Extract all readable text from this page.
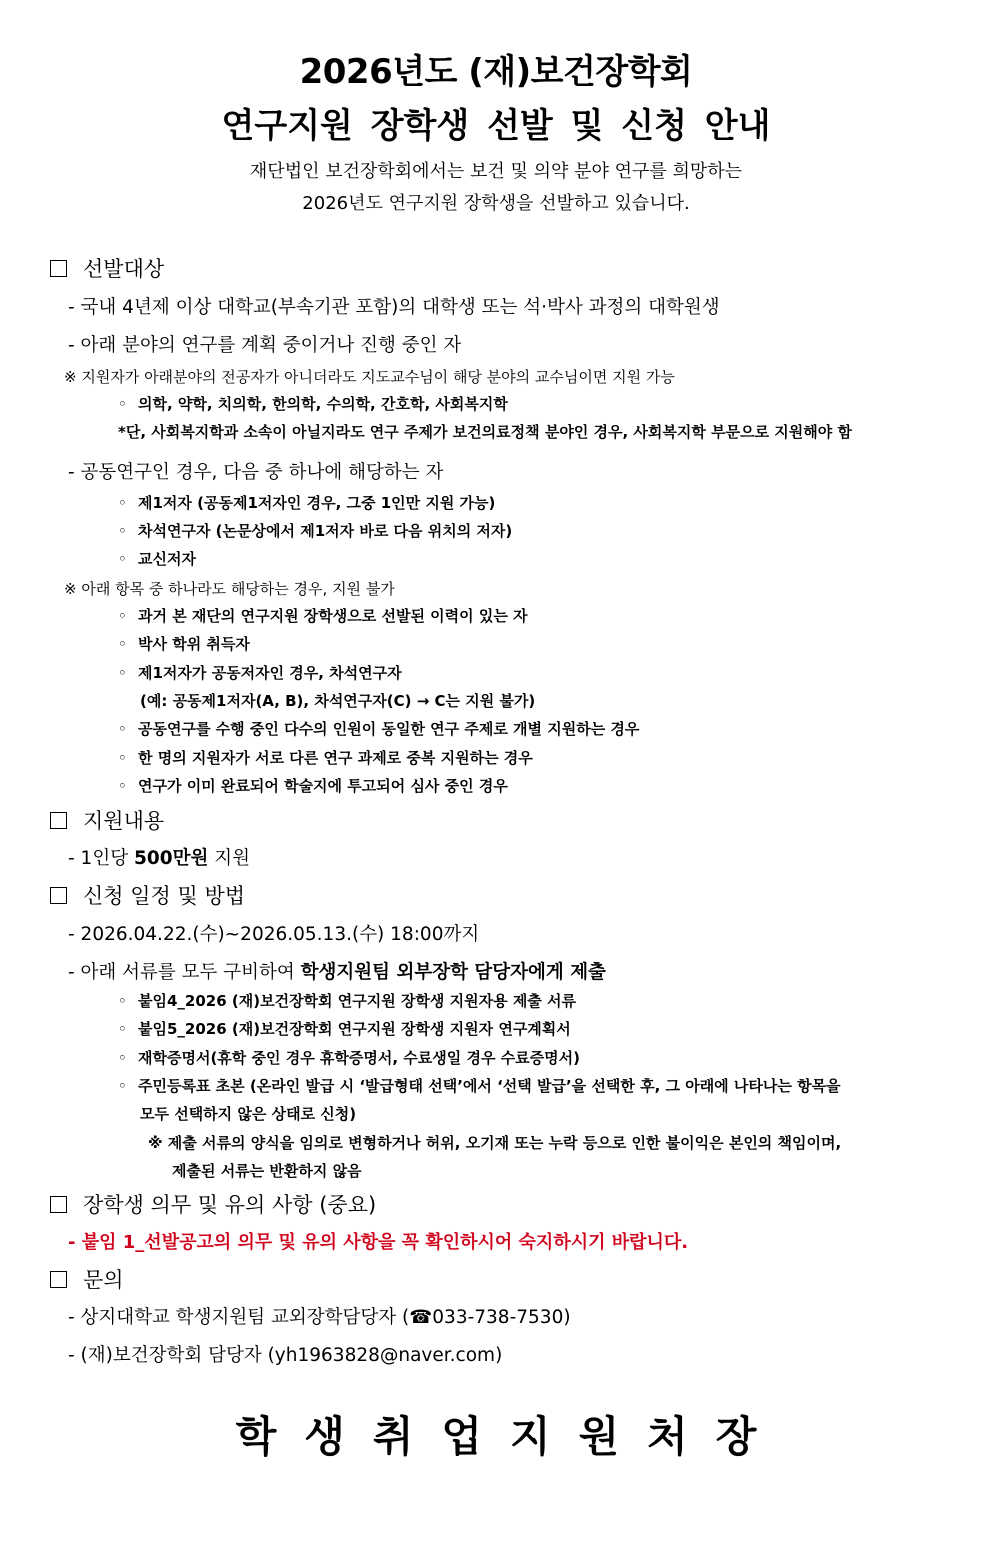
2026년도 (재)보건장학회
연구지원 장학생 선발 및 신청 안내
재단법인 보건장학회에서는 보건 및 의약 분야 연구를 희망하는
2026년도 연구지원 장학생을 선발하고 있습니다.
선발대상
- 국내 4년제 이상 대학교(부속기관 포함)의 대학생 또는 석·박사 과정의 대학원생
- 아래 분야의 연구를 계획 중이거나 진행 중인 자
※ 지원자가 아래분야의 전공자가 아니더라도 지도교수님이 해당 분야의 교수님이면 지원 가능
◦ 의학, 약학, 치의학, 한의학, 수의학, 간호학, 사회복지학
*단, 사회복지학과 소속이 아닐지라도 연구 주제가 보건의료정책 분야인 경우, 사회복지학 부문으로 지원해야 함
- 공동연구인 경우, 다음 중 하나에 해당하는 자
◦ 제1저자 (공동제1저자인 경우, 그중 1인만 지원 가능)
◦ 차석연구자 (논문상에서 제1저자 바로 다음 위치의 저자)
◦ 교신저자
※ 아래 항목 중 하나라도 해당하는 경우, 지원 불가
◦ 과거 본 재단의 연구지원 장학생으로 선발된 이력이 있는 자
◦ 박사 학위 취득자
◦ 제1저자가 공동저자인 경우, 차석연구자
(예: 공동제1저자(A, B), 차석연구자(C) → C는 지원 불가)
◦ 공동연구를 수행 중인 다수의 인원이 동일한 연구 주제로 개별 지원하는 경우
◦ 한 명의 지원자가 서로 다른 연구 과제로 중복 지원하는 경우
◦ 연구가 이미 완료되어 학술지에 투고되어 심사 중인 경우
지원내용
- 1인당 500만원 지원
신청 일정 및 방법
- 2026.04.22.(수)~2026.05.13.(수) 18:00까지
- 아래 서류를 모두 구비하여 학생지원팀 외부장학 담당자에게 제출
◦ 붙임4_2026 (재)보건장학회 연구지원 장학생 지원자용 제출 서류
◦ 붙임5_2026 (재)보건장학회 연구지원 장학생 지원자 연구계획서
◦ 재학증명서(휴학 중인 경우 휴학증명서, 수료생일 경우 수료증명서)
◦ 주민등록표 초본 (온라인 발급 시 ‘발급형태 선택’에서 ‘선택 발급’을 선택한 후, 그 아래에 나타나는 항목을
모두 선택하지 않은 상태로 신청)
※ 제출 서류의 양식을 임의로 변형하거나 허위, 오기재 또는 누락 등으로 인한 불이익은 본인의 책임이며,
제출된 서류는 반환하지 않음
장학생 의무 및 유의 사항 (중요)
- 붙임 1_선발공고의 의무 및 유의 사항을 꼭 확인하시어 숙지하시기 바랍니다.
문의
- 상지대학교 학생지원팀 교외장학담당자 (☎033-738-7530)
- (재)보건장학회 담당자 (yh1963828@naver.com)
학생취업지원처장
